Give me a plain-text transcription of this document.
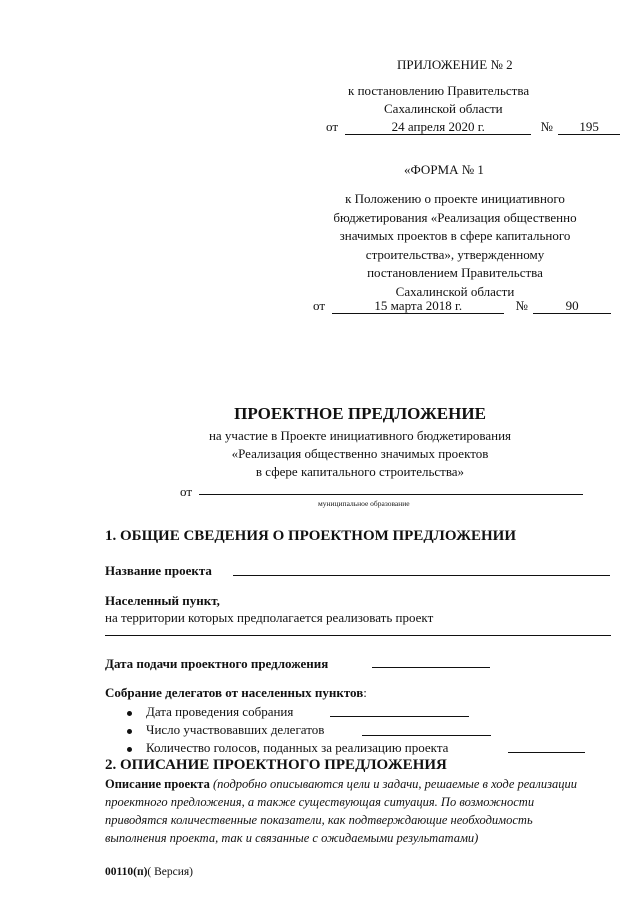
ПРИЛОЖЕНИЕ № 2
к постановлению Правительства
Сахалинской области
от	24 апреля 2020 г.	№ 195
«ФОРМА № 1
к Положению о проекте инициативного
бюджетирования «Реализация общественно
значимых проектов в сфере капитального
строительства», утвержденному
постановлением Правительства
Сахалинской области
от	15 марта 2018 г.	№	90
ПРОЕКТНОЕ ПРЕДЛОЖЕНИЕ
на участие в Проекте инициативного бюджетирования
«Реализация общественно значимых проектов
в сфере капитального строительства»
от
муниципальное образование
1. ОБЩИЕ СВЕДЕНИЯ О ПРОЕКТНОМ ПРЕДЛОЖЕНИИ
Название проекта
Населенный пункт,
на территории которых предполагается реализовать проект
Дата подачи проектного предложения
Собрание делегатов от населенных пунктов:
Дата проведения собрания
Число участвовавших делегатов
Количество голосов, поданных за реализацию проекта
2. ОПИСАНИЕ ПРОЕКТНОГО ПРЕДЛОЖЕНИЯ
Описание проекта (подробно описываются цели и задачи, решаемые в ходе реализации
проектного предложения, а также существующая ситуация. По возможности
приводятся количественные показатели, как подтверждающие необходимость
выполнения проекта, так и связанные с ожидаемыми результатами)
00110(п)( Версия)
